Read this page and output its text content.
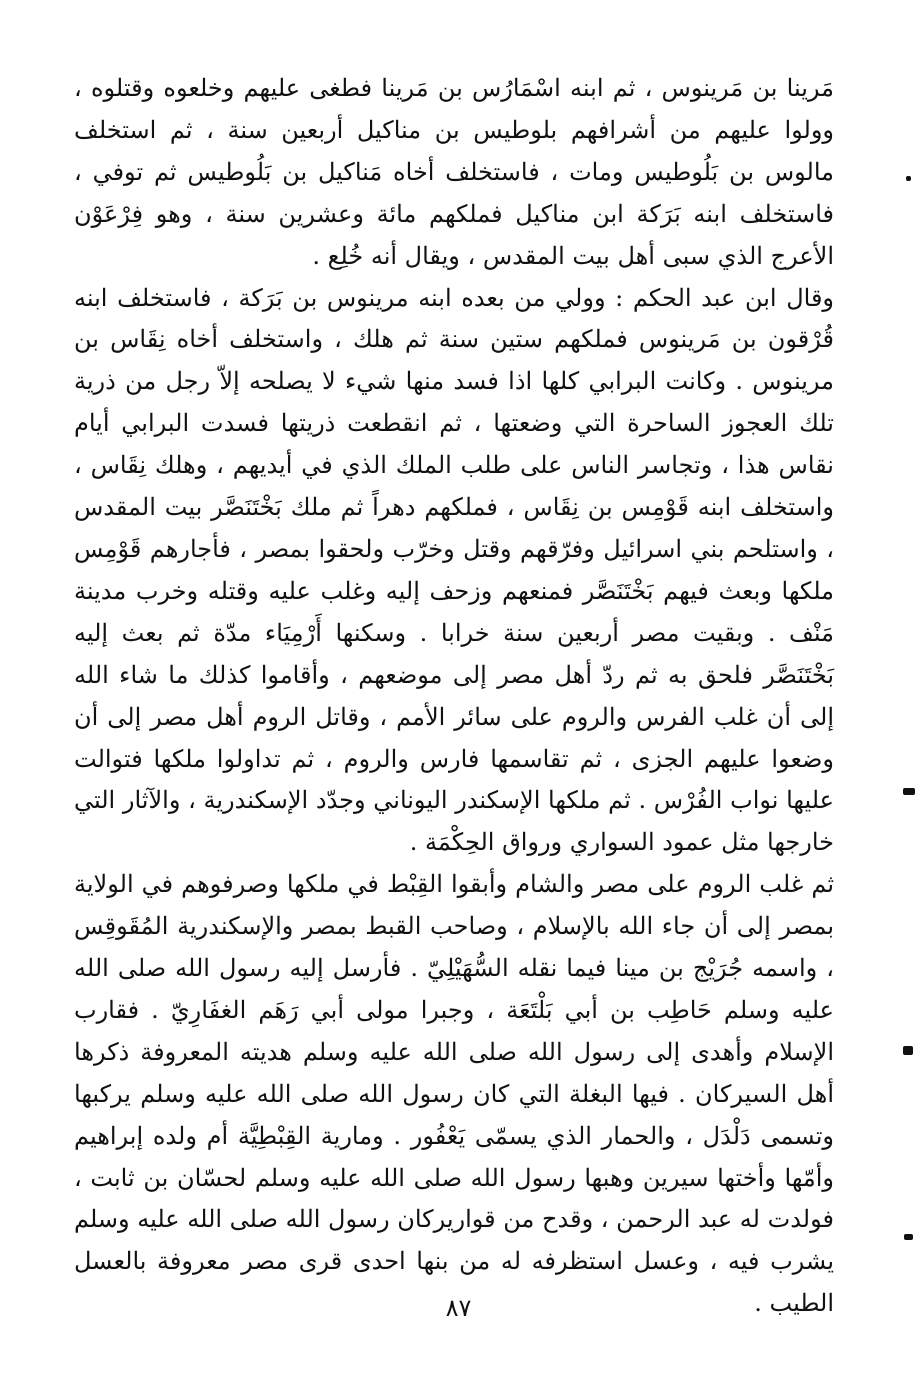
مَرينا بن مَرينوس ، ثم ابنه اسْمَارُس بن مَرينا فطغى عليهم وخلعوه وقتلوه ، وولوا عليهم من أشرافهم بلوطيس بن مناكيل أربعين سنة ، ثم استخلف مالوس بن بَلُوطيس ومات ، فاستخلف أخاه مَناكيل بن بَلُوطيس ثم توفي ، فاستخلف ابنه بَرَكة ابن مناكيل فملكهم مائة وعشرين سنة ، وهو فِرْعَوْن الأعرج الذي سبى أهل بيت المقدس ، ويقال أنه خُلِع .

وقال ابن عبد الحكم : وولي من بعده ابنه مرينوس بن بَرَكة ، فاستخلف ابنه قُرْقون بن مَرينوس فملكهم ستين سنة ثم هلك ، واستخلف أخاه نِقَاس بن مرينوس . وكانت البرابي كلها اذا فسد منها شيء لا يصلحه إلاّ رجل من ذرية تلك العجوز الساحرة التي وضعتها ، ثم انقطعت ذريتها فسدت البرابي أيام نقاس هذا ، وتجاسر الناس على طلب الملك الذي في أيديهم ، وهلك نِقَاس ، واستخلف ابنه قَوْمِس بن نِقَاس ، فملكهم دهراً ثم ملك بَخْتَنَصَّر بيت المقدس ، واستلحم بني اسرائيل وفرّقهم وقتل وخرّب ولحقوا بمصر ، فأجارهم قَوْمِس ملكها وبعث فيهم بَخْتَنَصَّر فمنعهم وزحف إليه وغلب عليه وقتله وخرب مدينة مَنْف . وبقيت مصر أربعين سنة خرابا . وسكنها أَرْمِيَاء مدّة ثم بعث إليه بَخْتَنَصَّر فلحق به ثم ردّ أهل مصر إلى موضعهم ، وأقاموا كذلك ما شاء الله إلى أن غلب الفرس والروم على سائر الأمم ، وقاتل الروم أهل مصر إلى أن وضعوا عليهم الجزى ، ثم تقاسمها فارس والروم ، ثم تداولوا ملكها فتوالت عليها نواب الفُرْس . ثم ملكها الإسكندر اليوناني وجدّد الإسكندرية ، والآثار التي خارجها مثل عمود السواري ورواق الحِكْمَة .

ثم غلب الروم على مصر والشام وأبقوا القِبْط في ملكها وصرفوهم في الولاية بمصر إلى أن جاء الله بالإسلام ، وصاحب القبط بمصر والإسكندرية المُقَوقِس ، واسمه جُرَيْج بن مينا فيما نقله السُّهَيْلِيّ . فأرسل إليه رسول الله صلى الله عليه وسلم حَاطِب بن أبي بَلْتَعَة ، وجبرا مولى أبي رَهَم الغفَارِيّ . فقارب الإسلام وأهدى إلى رسول الله صلى الله عليه وسلم هديته المعروفة ذكرها أهل السيركان . فيها البغلة التي كان رسول الله صلى الله عليه وسلم يركبها وتسمى دَلْدَل ، والحمار الذي يسمّى يَعْفُور . ومارية القِبْطِيَّة أم ولده إبراهيم وأمّها وأختها سيرين وهبها رسول الله صلى الله عليه وسلم لحسّان بن ثابت ، فولدت له عبد الرحمن ، وقدح من قواريركان رسول الله صلى الله عليه وسلم يشرب فيه ، وعسل استظرفه له من بنها احدى قرى مصر معروفة بالعسل الطيب .

٨٧
